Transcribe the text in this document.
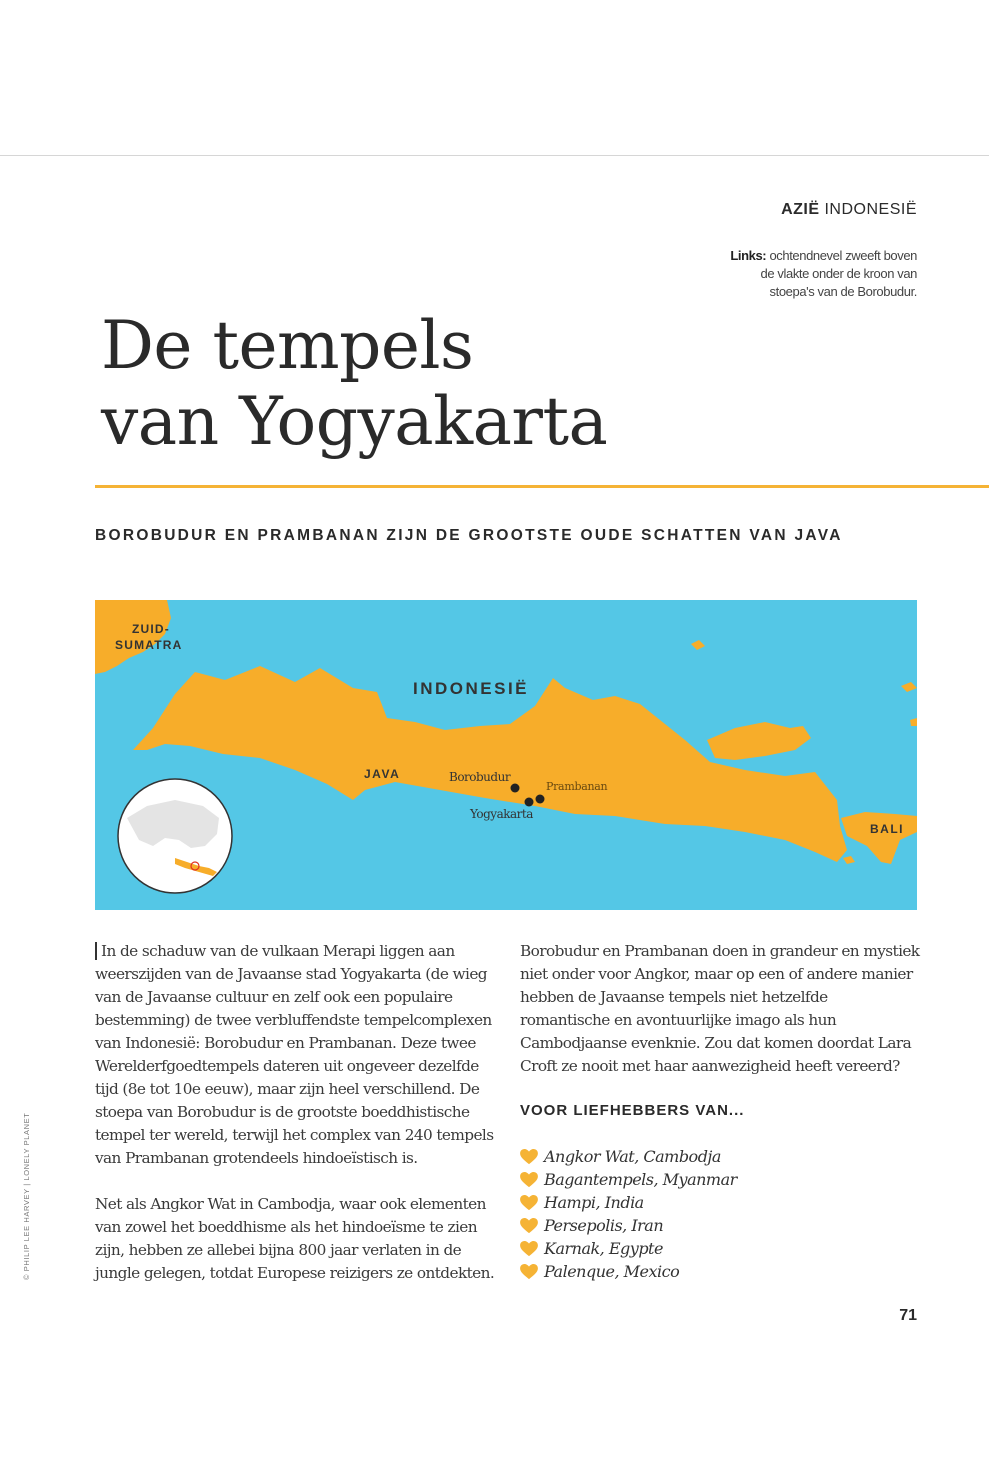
AZIË INDONESIË
Links: ochtendnevel zweeft boven de vlakte onder de kroon van stoepa's van de Borobudur.
De tempels
van Yogyakarta
BOROBUDUR EN PRAMBANAN ZIJN DE GROOTSTE OUDE SCHATTEN VAN JAVA
ZUID-
SUMATRA
INDONESIË
JAVA	Borobudur
Prambanan
Yogyakarta
BALI

In de schaduw van de vulkaan Merapi liggen aan weerszijden van de Javaanse stad Yogyakarta (de wieg van de Javaanse cultuur en zelf ook een populaire bestemming) de twee verbluffendste tempelcomplexen van Indonesië: Borobudur en Prambanan. Deze twee Werelderfgoedtempels dateren uit ongeveer dezelfde tijd (8e tot 10e eeuw), maar zijn heel verschillend. De stoepa van Borobudur is de grootste boeddhistische tempel ter wereld, terwijl het complex van 240 tempels van Prambanan grotendeels hindoeïstisch is.

Net als Angkor Wat in Cambodja, waar ook elementen van zowel het boeddhisme als het hindoeïsme te zien zijn, hebben ze allebei bijna 800 jaar verlaten in de jungle gelegen, totdat Europese reizigers ze ontdekten.

Borobudur en Prambanan doen in grandeur en mystiek niet onder voor Angkor, maar op een of andere manier hebben de Javaanse tempels niet hetzelfde romantische en avontuurlijke imago als hun Cambodjaanse evenknie. Zou dat komen doordat Lara Croft ze nooit met haar aanwezigheid heeft vereerd?

VOOR LIEFHEBBERS VAN...
Angkor Wat, Cambodja
Bagantempels, Myanmar
Hampi, India
Persepolis, Iran
Karnak, Egypte
Palenque, Mexico
71
© PHILIP LEE HARVEY | LONELY PLANET
